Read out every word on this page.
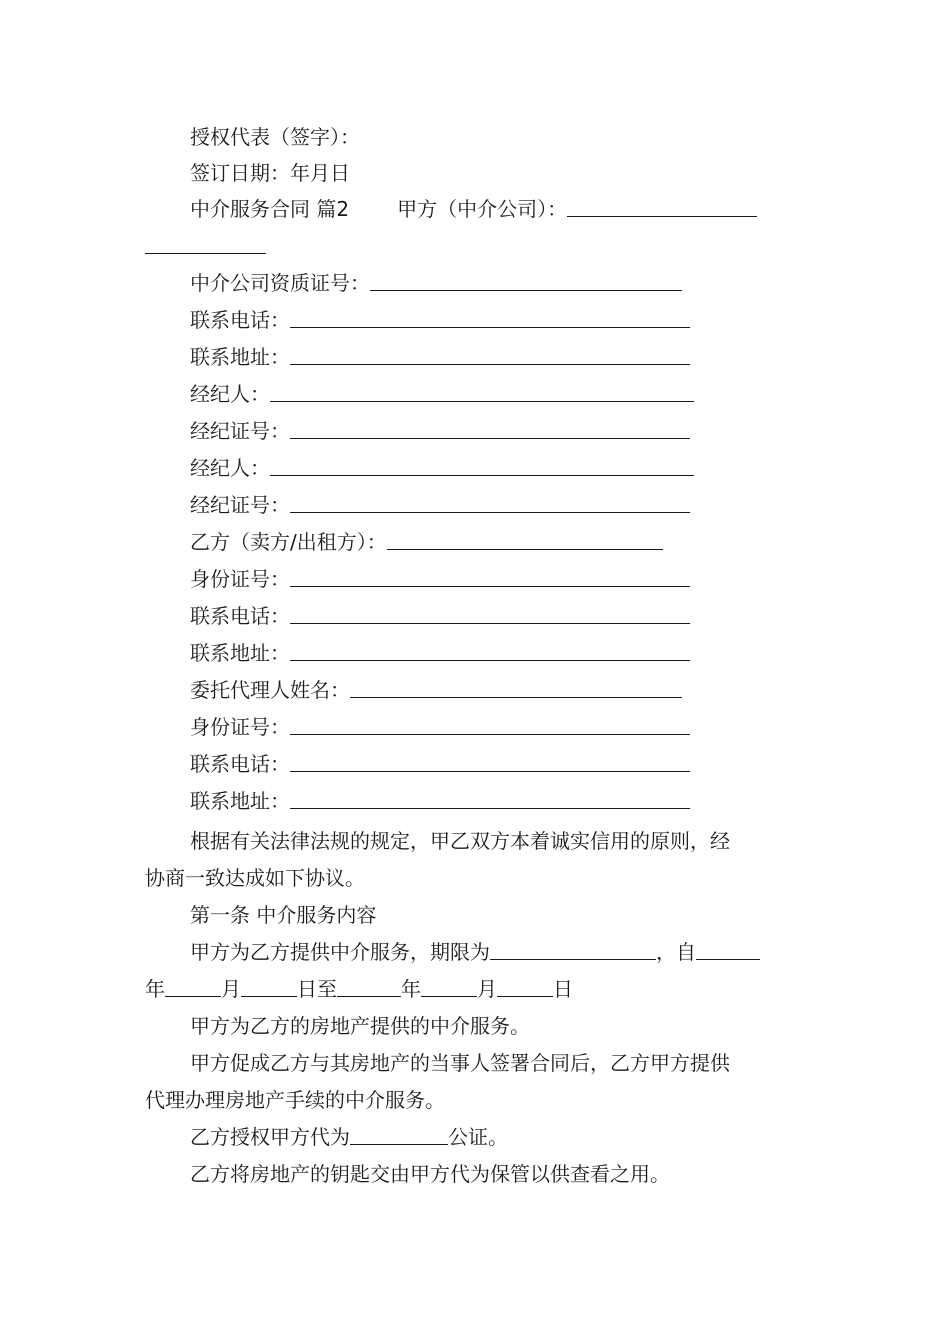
授权代表（签字）：
签订日期：年月日
中介服务合同 篇2 甲方（中介公司）：
中介公司资质证号：
联系电话：
联系地址：
经纪人：
经纪证号：
经纪人：
经纪证号：
乙方（卖方/出租方）：
身份证号：
联系电话：
联系地址：
委托代理人姓名：
身份证号：
联系电话：
联系地址：
根据有关法律法规的规定，甲乙双方本着诚实信用的原则，经
协商一致达成如下协议。
第一条 中介服务内容
甲方为乙方提供中介服务，期限为	，自
年	月	日至	年	月	日
甲方为乙方的房地产提供的中介服务。
甲方促成乙方与其房地产的当事人签署合同后，乙方甲方提供
代理办理房地产手续的中介服务。
乙方授权甲方代为	公证。
乙方将房地产的钥匙交由甲方代为保管以供查看之用。
